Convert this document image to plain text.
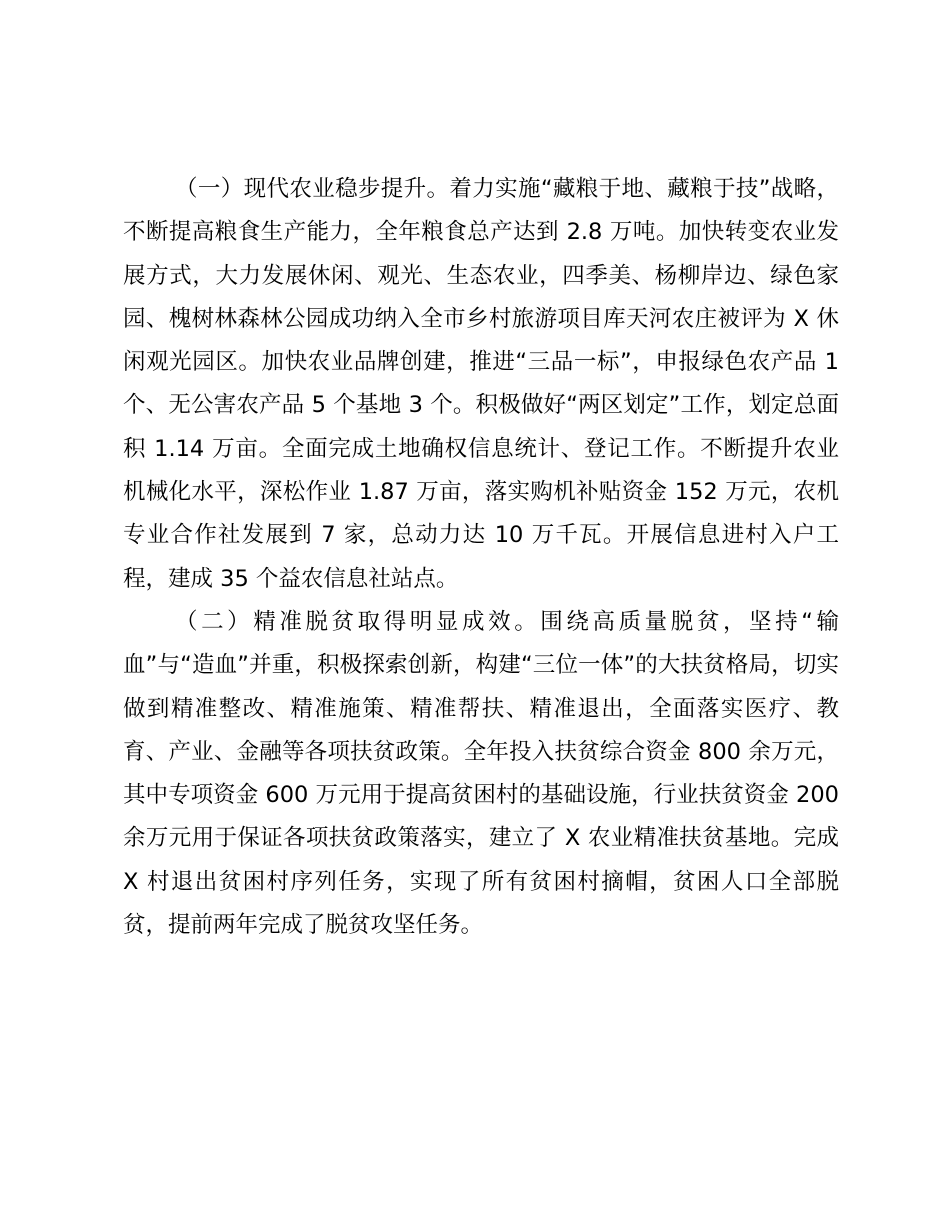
（一）现代农业稳步提升。着力实施“藏粮于地、藏粮于技”战略，不断提高粮食生产能力，全年粮食总产达到 2.8 万吨。加快转变农业发展方式，大力发展休闲、观光、生态农业，四季美、杨柳岸边、绿色家园、槐树林森林公园成功纳入全市乡村旅游项目库天河农庄被评为 X 休闲观光园区。加快农业品牌创建，推进“三品一标”，申报绿色农产品 1 个、无公害农产品 5 个基地 3 个。积极做好“两区划定”工作，划定总面积 1.14 万亩。全面完成土地确权信息统计、登记工作。不断提升农业机械化水平，深松作业 1.87 万亩，落实购机补贴资金 152 万元，农机专业合作社发展到 7 家，总动力达 10 万千瓦。开展信息进村入户工程，建成 35 个益农信息社站点。

（二）精准脱贫取得明显成效。围绕高质量脱贫，坚持“输血”与“造血”并重，积极探索创新，构建“三位一体”的大扶贫格局，切实做到精准整改、精准施策、精准帮扶、精准退出，全面落实医疗、教育、产业、金融等各项扶贫政策。全年投入扶贫综合资金 800 余万元，其中专项资金 600 万元用于提高贫困村的基础设施，行业扶贫资金 200 余万元用于保证各项扶贫政策落实，建立了 X 农业精准扶贫基地。完成 X 村退出贫困村序列任务，实现了所有贫困村摘帽，贫困人口全部脱贫，提前两年完成了脱贫攻坚任务。
